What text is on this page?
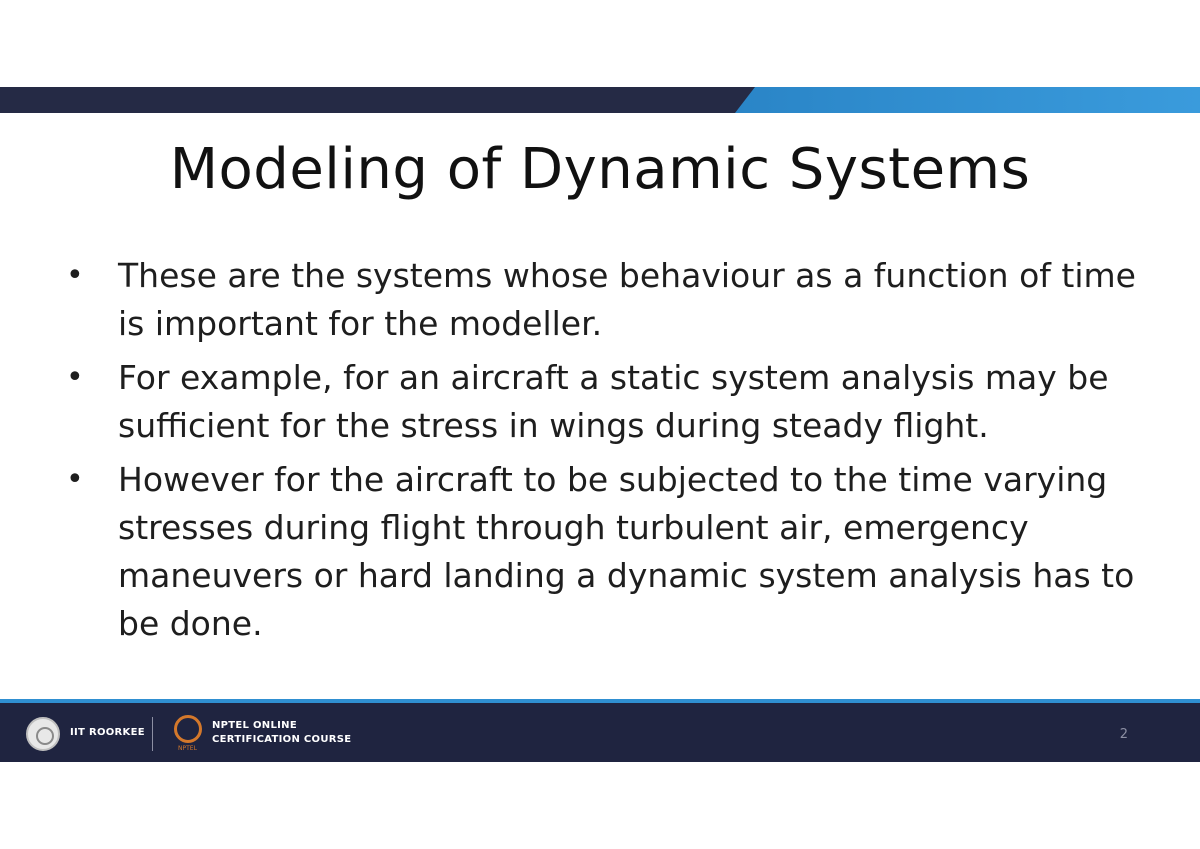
Modeling of Dynamic Systems
• These are the systems whose behaviour as a function of time is important for the modeller.
• For example, for an aircraft a static system analysis may be sufficient for the stress in wings during steady flight.
• However for the aircraft to be subjected to the time varying stresses during flight through turbulent air, emergency maneuvers or hard landing a dynamic system analysis has to be done.
IIT ROORKEE
NPTEL
NPTEL ONLINE
CERTIFICATION COURSE	2
